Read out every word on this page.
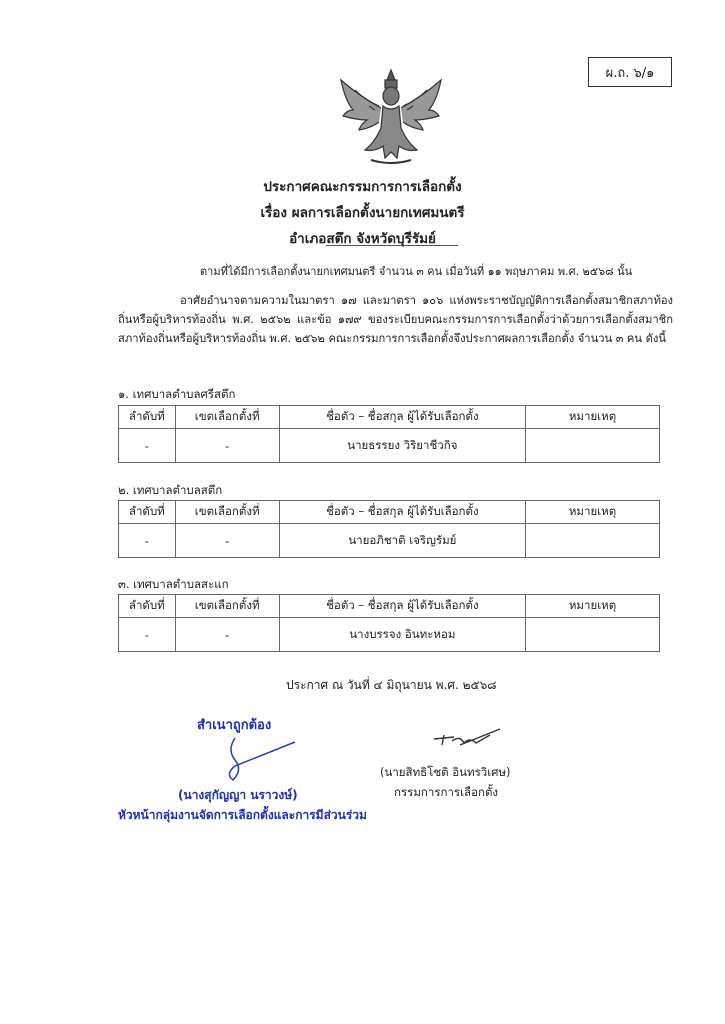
ผ.ถ. ๖/๑
ประกาศคณะกรรมการการเลือกตั้ง
เรื่อง ผลการเลือกตั้งนายกเทศมนตรี
อำเภอสตึก จังหวัดบุรีรัมย์
ตามที่ได้มีการเลือกตั้งนายกเทศมนตรี จำนวน ๓ คน เมื่อวันที่ ๑๑ พฤษภาคม พ.ศ. ๒๕๖๘ นั้น
อาศัยอำนาจตามความในมาตรา ๑๗ และมาตรา ๑๐๖ แห่งพระราชบัญญัติการเลือกตั้งสมาชิกสภาท้องถิ่นหรือผู้บริหารท้องถิ่น พ.ศ. ๒๕๖๒ และข้อ ๑๗๙ ของระเบียบคณะกรรมการการเลือกตั้งว่าด้วยการเลือกตั้งสมาชิกสภาท้องถิ่นหรือผู้บริหารท้องถิ่น พ.ศ. ๒๕๖๒ คณะกรรมการการเลือกตั้งจึงประกาศผลการเลือกตั้ง จำนวน ๓ คน ดังนี้
๑. เทศบาลตำบลศรีสตึก
ลำดับที่	เขตเลือกตั้งที่	ชื่อตัว – ชื่อสกุล ผู้ได้รับเลือกตั้ง	หมายเหตุ
-	-	นายธรรยง วิริยาชีวกิจ	
๒. เทศบาลตำบลสตึก
ลำดับที่	เขตเลือกตั้งที่	ชื่อตัว – ชื่อสกุล ผู้ได้รับเลือกตั้ง	หมายเหตุ
-	-	นายอภิชาติ เจริญรัมย์	
๓. เทศบาลตำบลสะแก
ลำดับที่	เขตเลือกตั้งที่	ชื่อตัว – ชื่อสกุล ผู้ได้รับเลือกตั้ง	หมายเหตุ
-	-	นางบรรจง อินทะหอม	
ประกาศ ณ วันที่ ๔ มิถุนายน พ.ศ. ๒๕๖๘
สำเนาถูกต้อง
(นางสุกัญญา นราวงษ์)
หัวหน้ากลุ่มงานจัดการเลือกตั้งและการมีส่วนร่วม
(นายสิทธิโชติ อินทรวิเศษ)
กรรมการการเลือกตั้ง
